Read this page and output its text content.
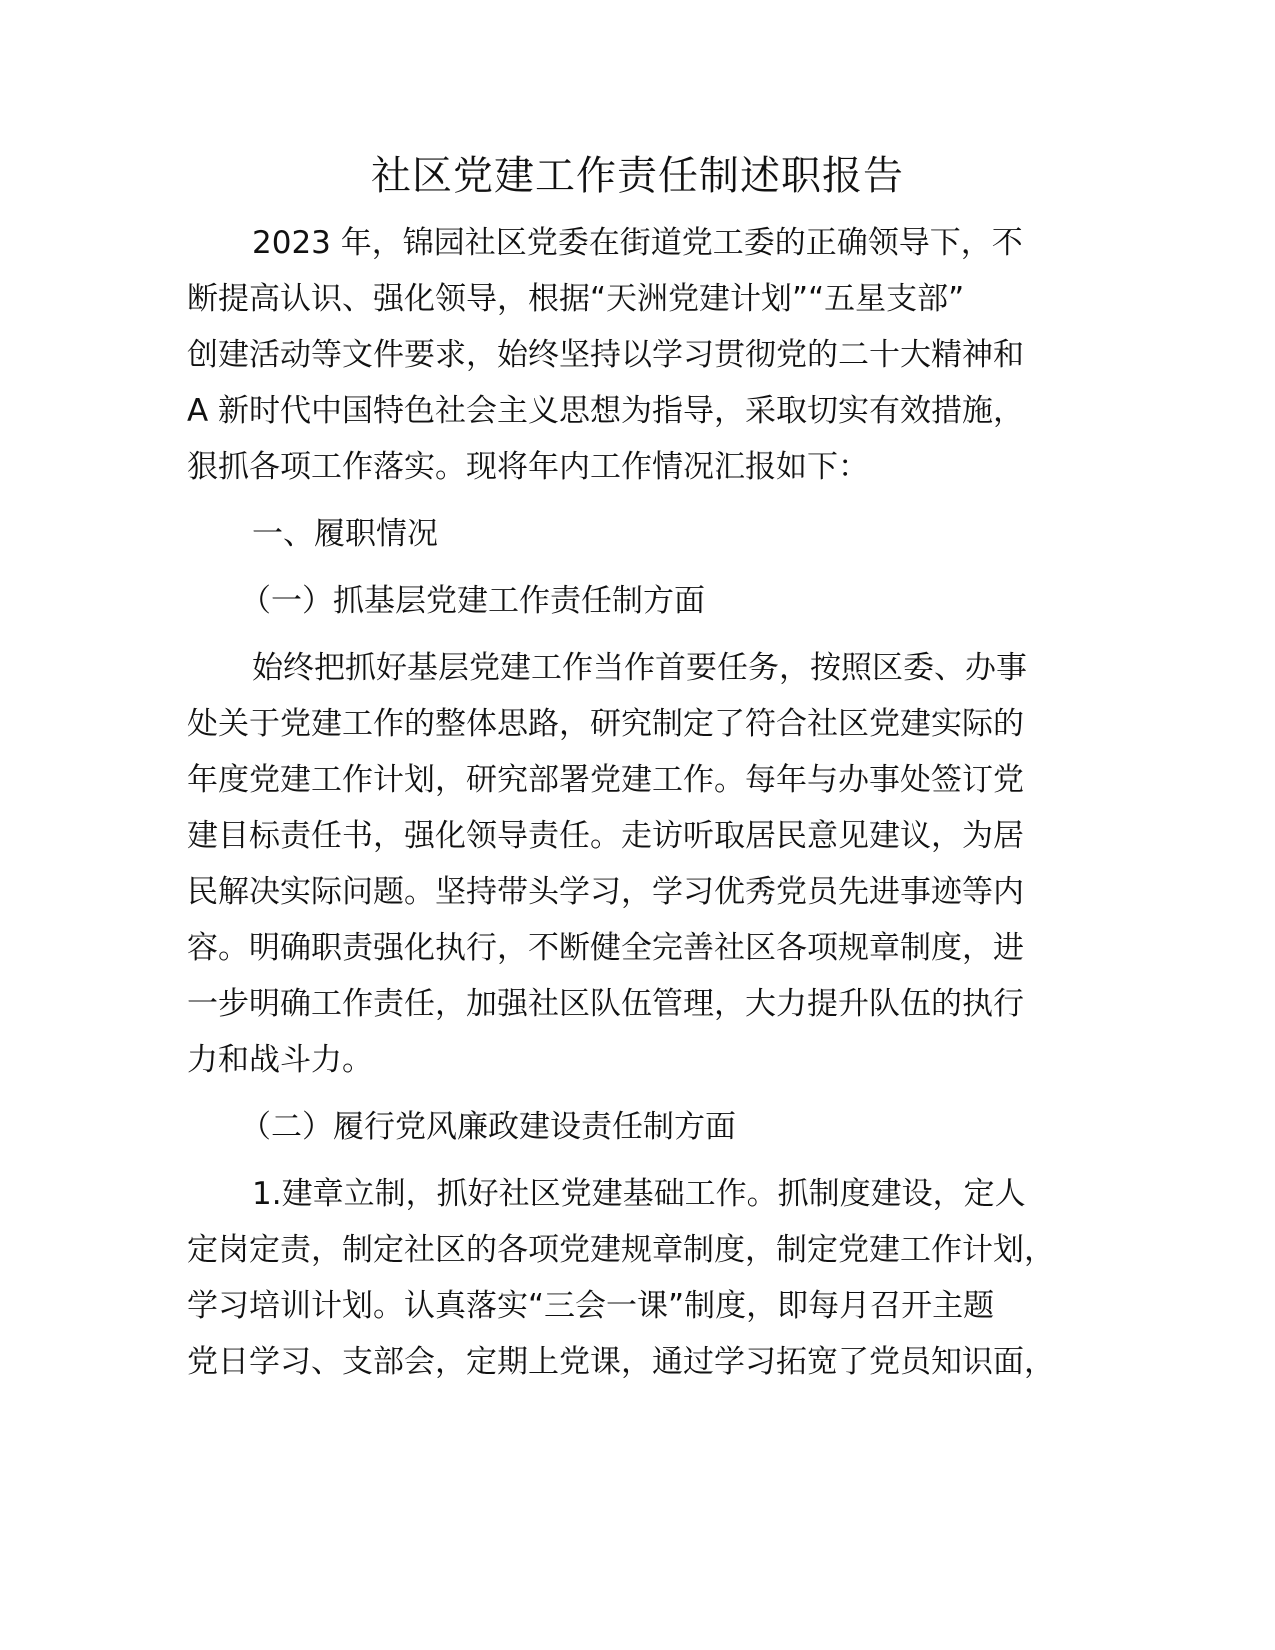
社区党建工作责任制述职报告
2023 年，锦园社区党委在街道党工委的正确领导下，不
断提高认识、强化领导，根据“天洲党建计划”“五星支部”
创建活动等文件要求，始终坚持以学习贯彻党的二十大精神和
A 新时代中国特色社会主义思想为指导，采取切实有效措施，
狠抓各项工作落实。现将年内工作情况汇报如下：
一、履职情况
（一）抓基层党建工作责任制方面
始终把抓好基层党建工作当作首要任务，按照区委、办事
处关于党建工作的整体思路，研究制定了符合社区党建实际的
年度党建工作计划，研究部署党建工作。每年与办事处签订党
建目标责任书，强化领导责任。走访听取居民意见建议，为居
民解决实际问题。坚持带头学习，学习优秀党员先进事迹等内
容。明确职责强化执行，不断健全完善社区各项规章制度，进
一步明确工作责任，加强社区队伍管理，大力提升队伍的执行
力和战斗力。
（二）履行党风廉政建设责任制方面
1.建章立制，抓好社区党建基础工作。抓制度建设，定人
定岗定责，制定社区的各项党建规章制度，制定党建工作计划，
学习培训计划。认真落实“三会一课”制度，即每月召开主题
党日学习、支部会，定期上党课，通过学习拓宽了党员知识面，
